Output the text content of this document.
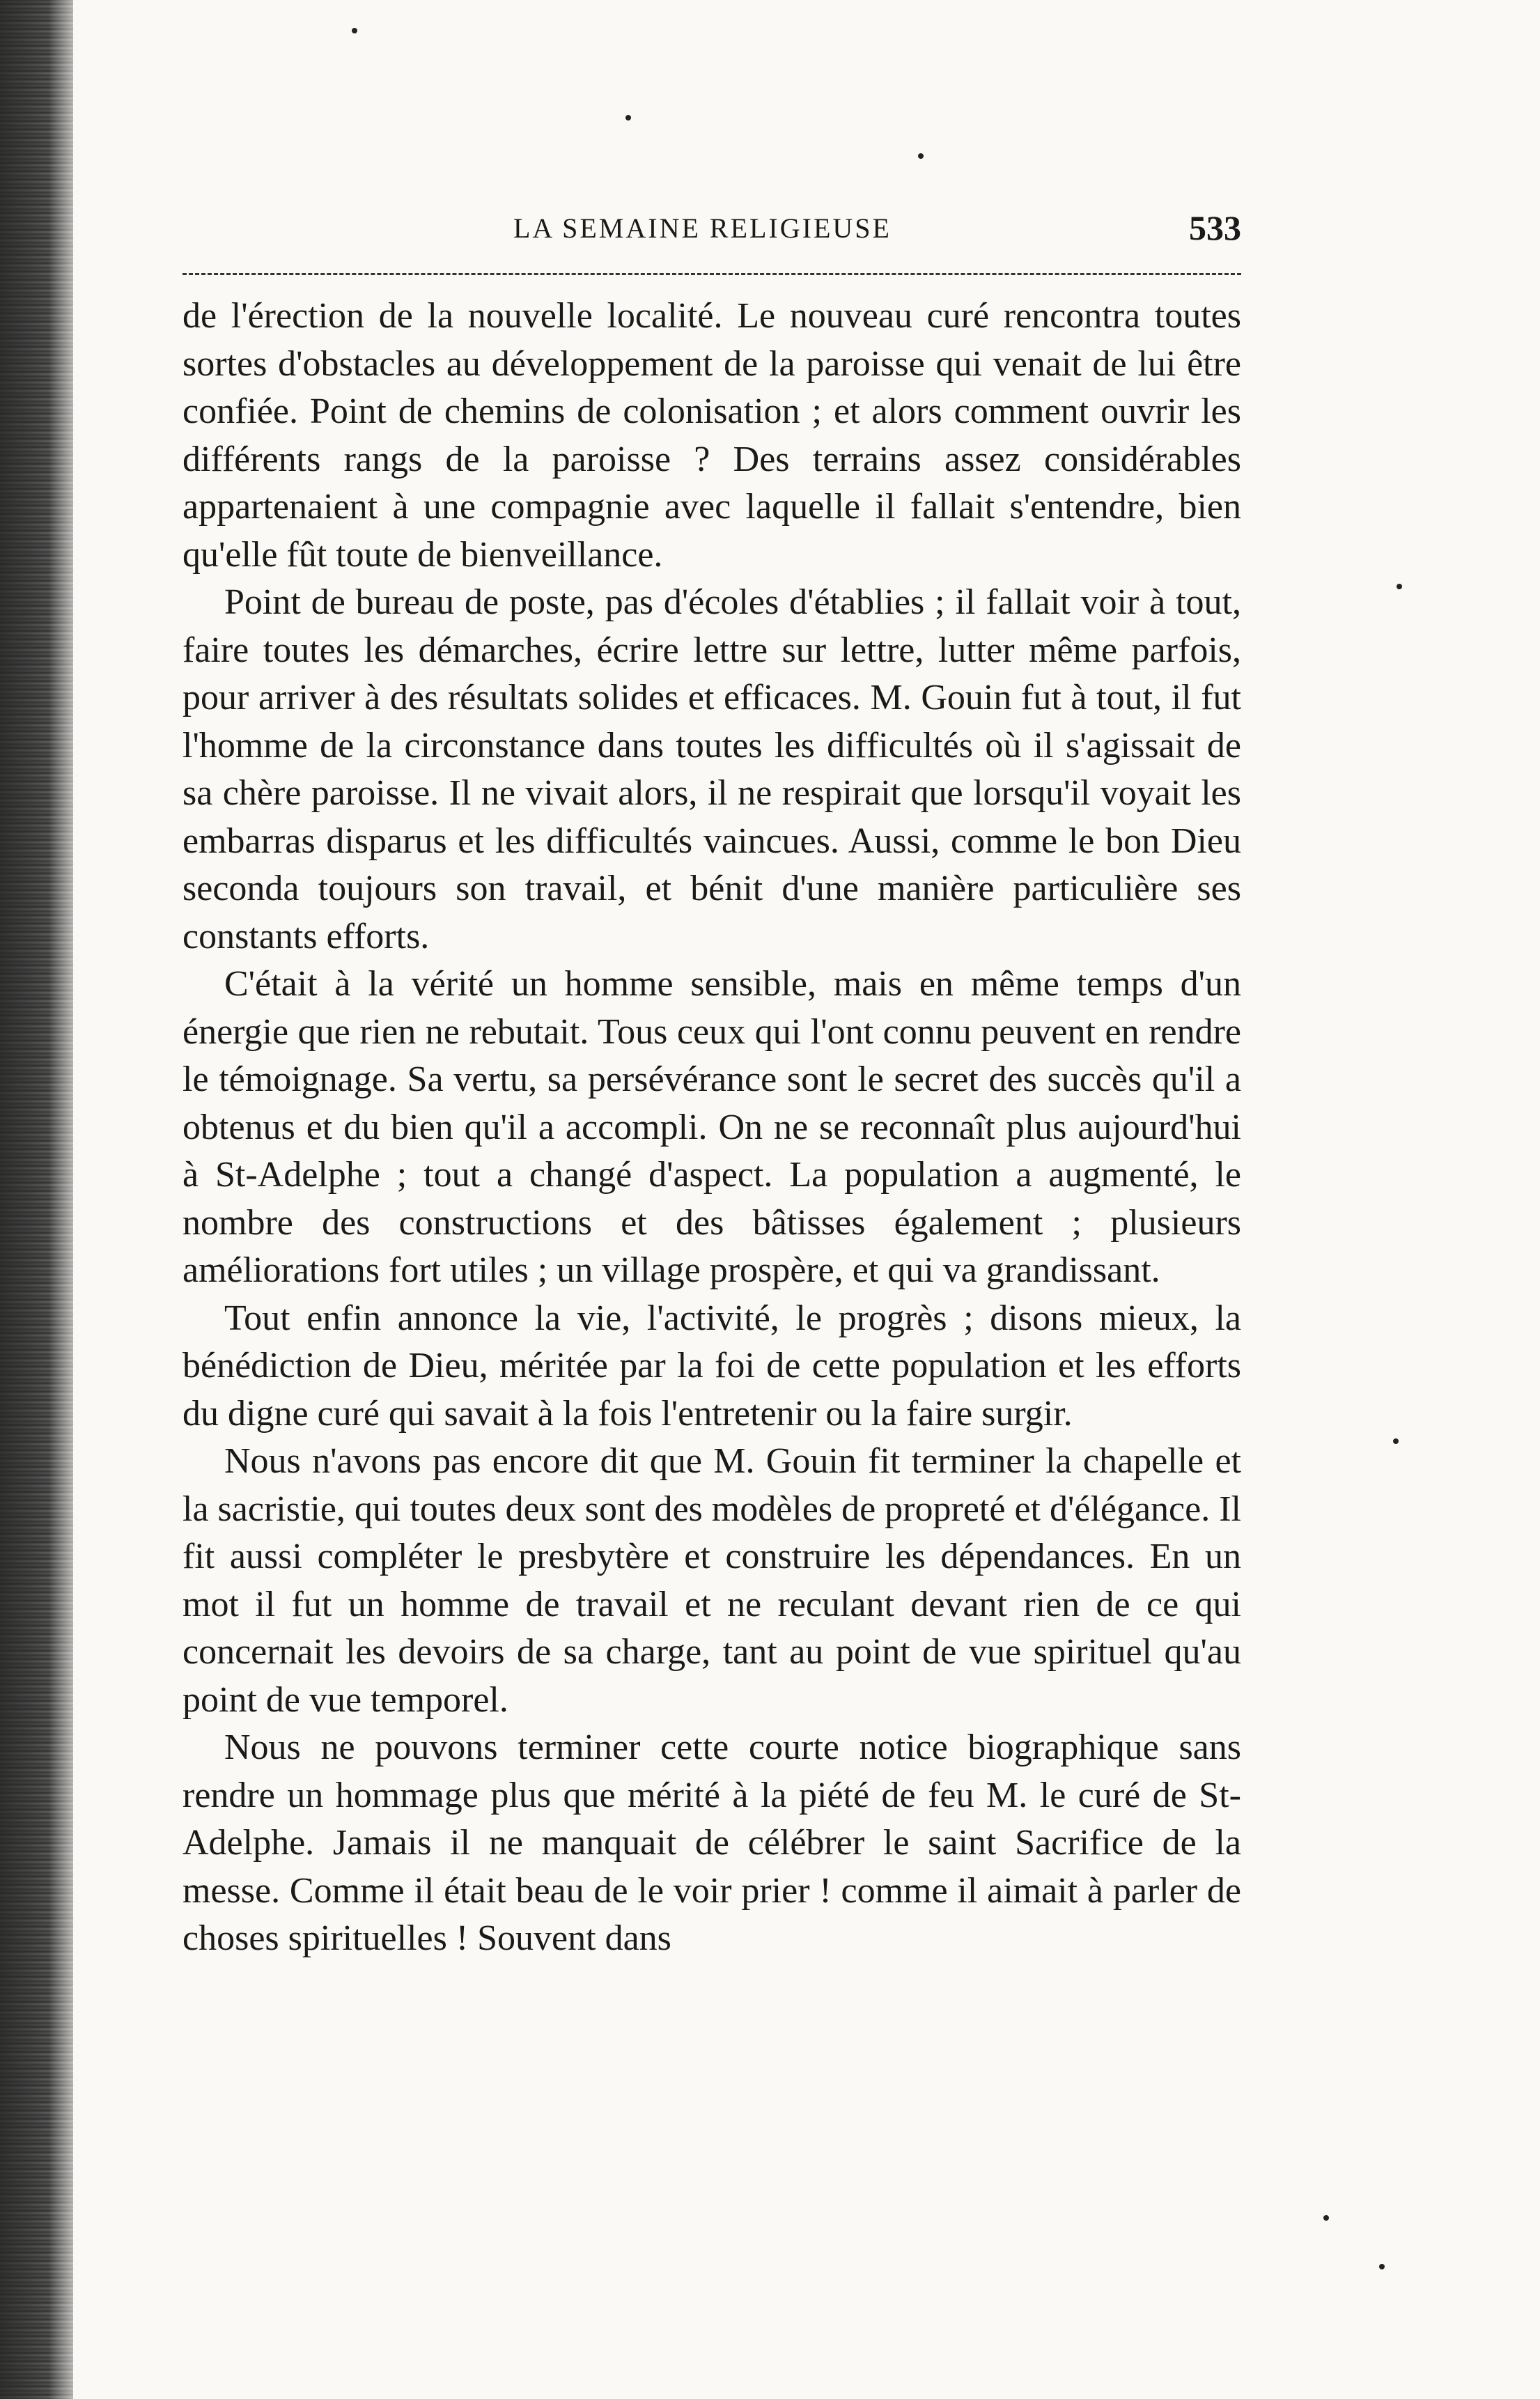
LA SEMAINE RELIGIEUSE	533

de l'érection de la nouvelle localité. Le nouveau curé rencontra toutes sortes d'obstacles au développement de la paroisse qui venait de lui être confiée. Point de chemins de colonisation ; et alors comment ouvrir les différents rangs de la paroisse ? Des terrains assez considérables appartenaient à une compagnie avec laquelle il fallait s'entendre, bien qu'elle fût toute de bienveillance.

Point de bureau de poste, pas d'écoles d'établies ; il fallait voir à tout, faire toutes les démarches, écrire lettre sur lettre, lutter même parfois, pour arriver à des résultats solides et efficaces. M. Gouin fut à tout, il fut l'homme de la circonstance dans toutes les difficultés où il s'agissait de sa chère paroisse. Il ne vivait alors, il ne respirait que lorsqu'il voyait les embarras disparus et les difficultés vaincues. Aussi, comme le bon Dieu seconda toujours son travail, et bénit d'une manière particulière ses constants efforts.

C'était à la vérité un homme sensible, mais en même temps d'un énergie que rien ne rebutait. Tous ceux qui l'ont connu peuvent en rendre le témoignage. Sa vertu, sa persévérance sont le secret des succès qu'il a obtenus et du bien qu'il a accompli. On ne se reconnaît plus aujourd'hui à St-Adelphe ; tout a changé d'aspect. La population a augmenté, le nombre des constructions et des bâtisses également ; plusieurs améliorations fort utiles ; un village prospère, et qui va grandissant.

Tout enfin annonce la vie, l'activité, le progrès ; disons mieux, la bénédiction de Dieu, méritée par la foi de cette population et les efforts du digne curé qui savait à la fois l'entretenir ou la faire surgir.

Nous n'avons pas encore dit que M. Gouin fit terminer la chapelle et la sacristie, qui toutes deux sont des modèles de propreté et d'élégance. Il fit aussi compléter le presbytère et construire les dépendances. En un mot il fut un homme de travail et ne reculant devant rien de ce qui concernait les devoirs de sa charge, tant au point de vue spirituel qu'au point de vue temporel.

Nous ne pouvons terminer cette courte notice biographique sans rendre un hommage plus que mérité à la piété de feu M. le curé de St-Adelphe. Jamais il ne manquait de célébrer le saint Sacrifice de la messe. Comme il était beau de le voir prier ! comme il aimait à parler de choses spirituelles ! Souvent dans
